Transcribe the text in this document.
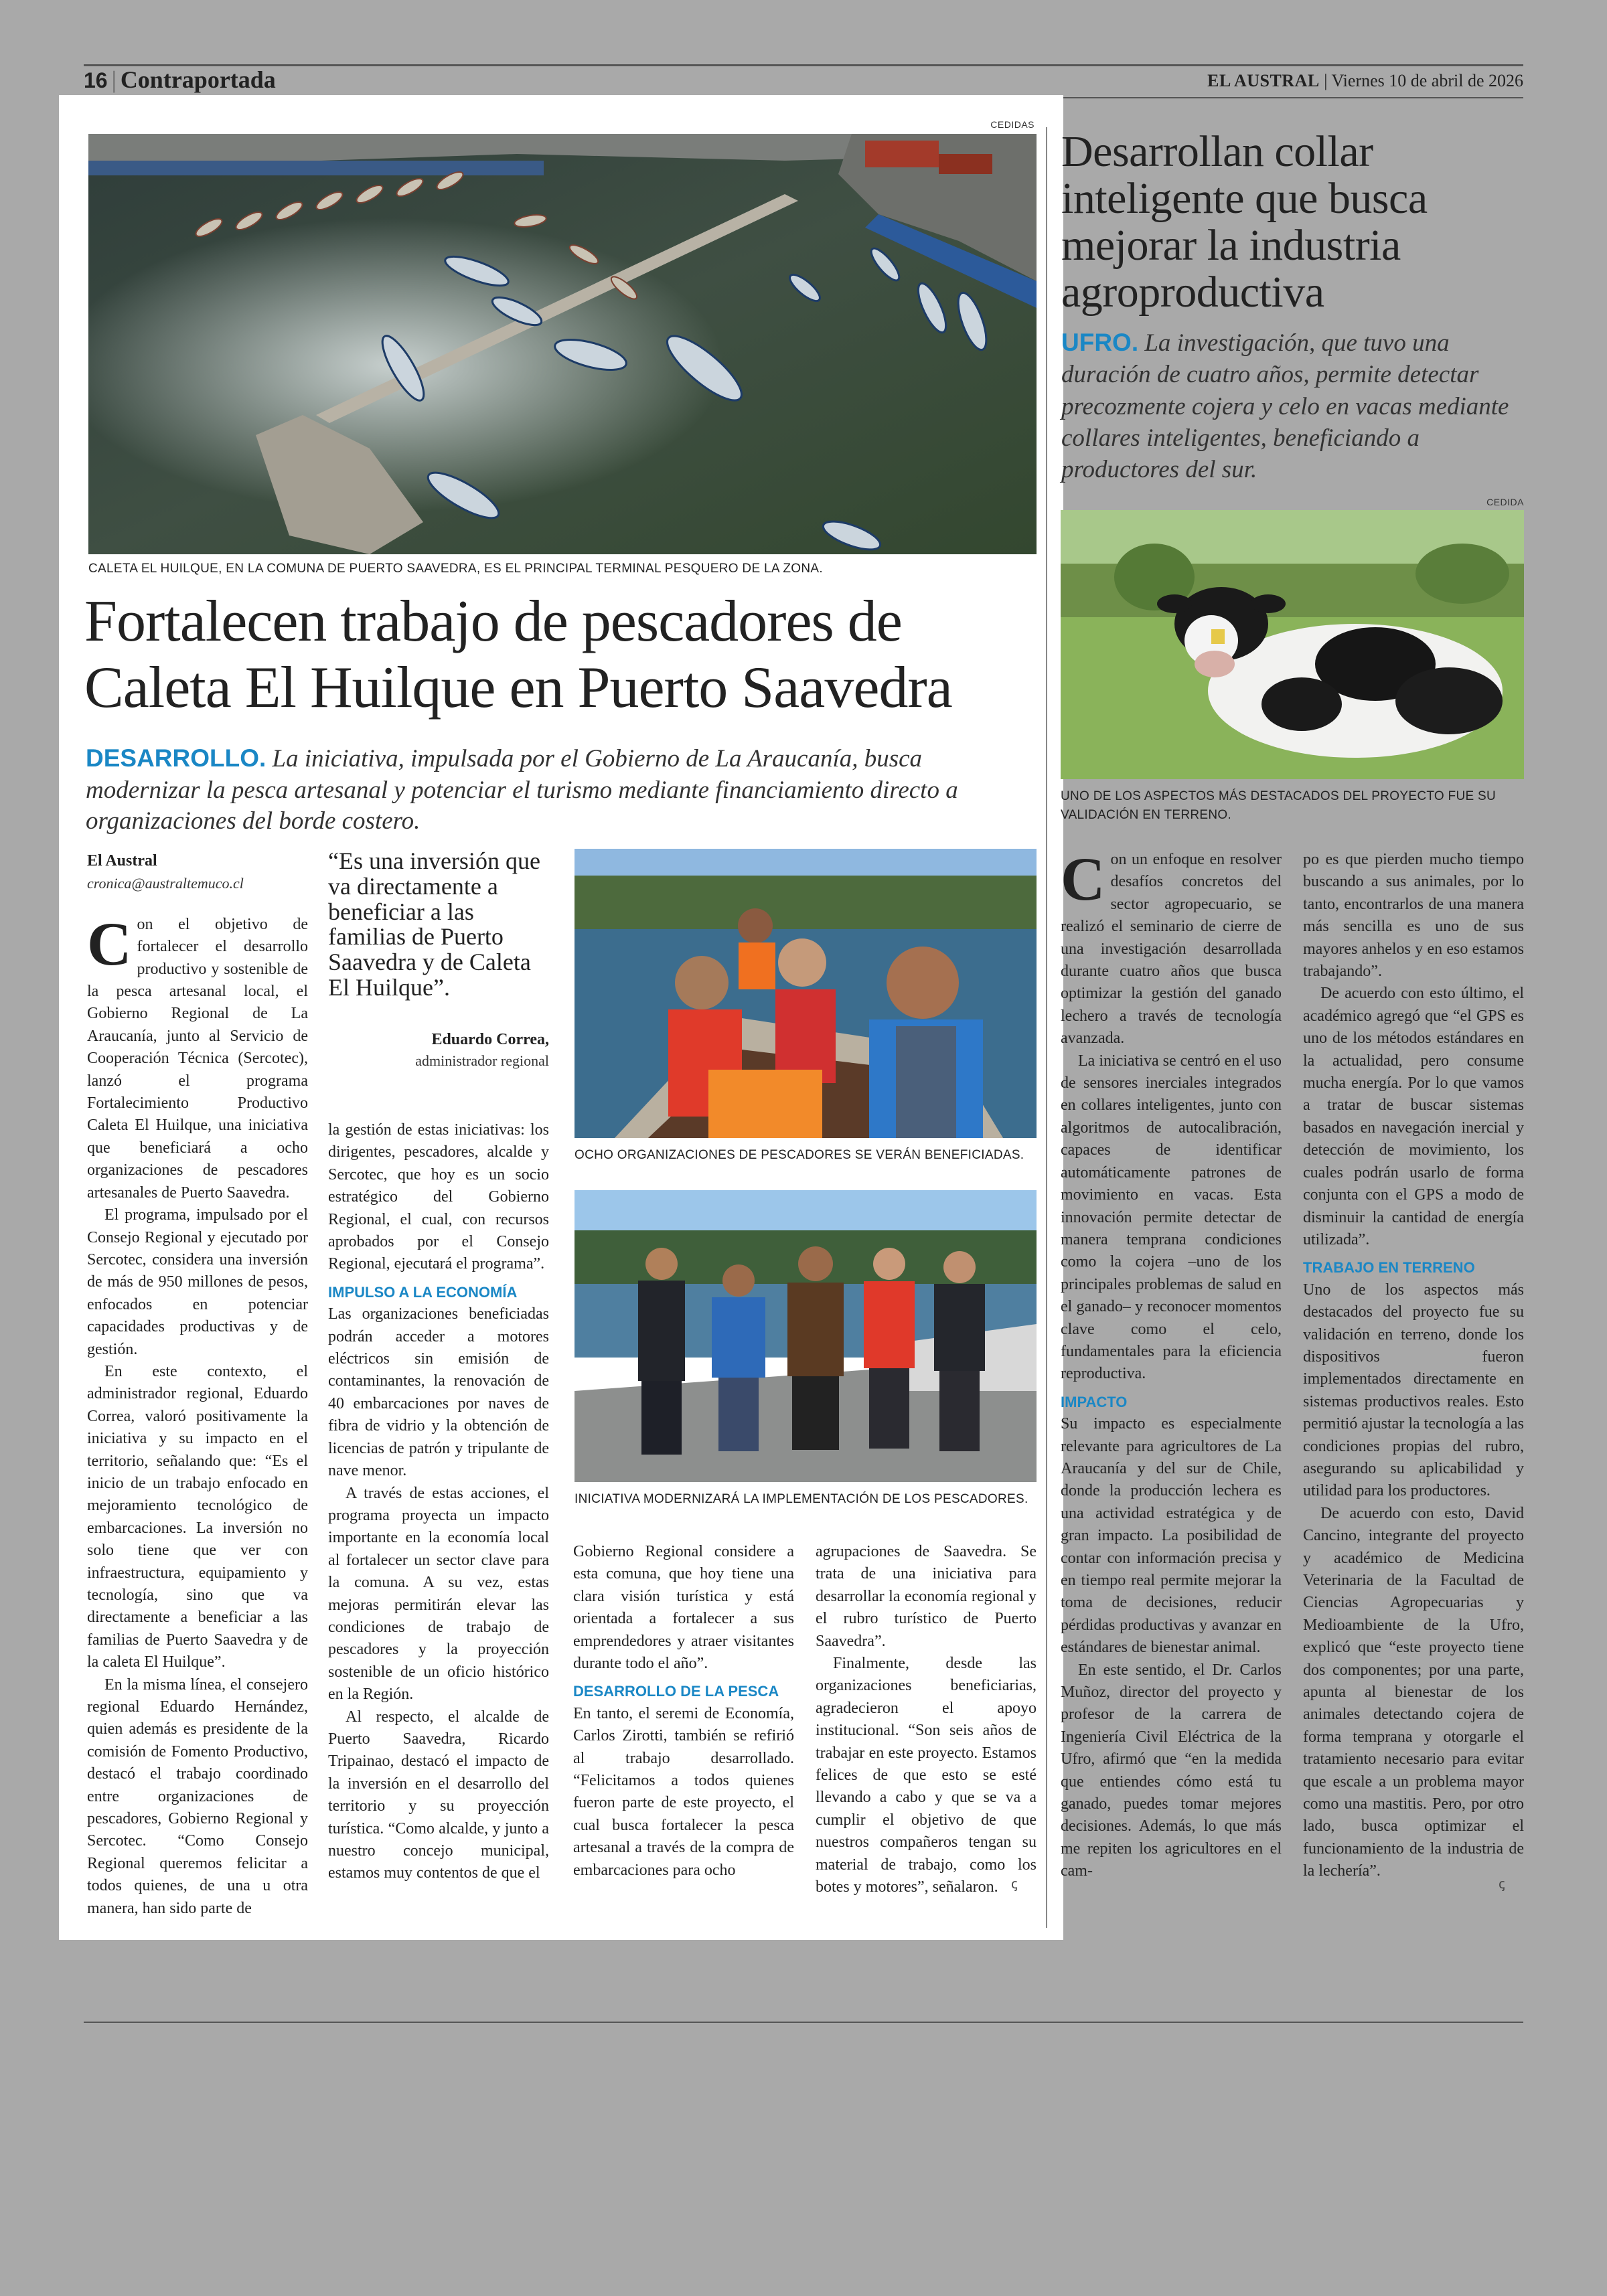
16 | Contraportada	EL AUSTRAL | Viernes 10 de abril de 2026
CEDIDAS
CALETA EL HUILQUE, EN LA COMUNA DE PUERTO SAAVEDRA, ES EL PRINCIPAL TERMINAL PESQUERO DE LA ZONA.
Fortalecen trabajo de pescadores de Caleta El Huilque en Puerto Saavedra
DESARROLLO. La iniciativa, impulsada por el Gobierno de La Araucanía, busca modernizar la pesca artesanal y potenciar el turismo mediante financiamiento directo a organizaciones del borde costero.

El Austral

cronica@australtemuco.cl

Con el objetivo de fortalecer el desarrollo productivo y sostenible de la pesca artesanal local, el Gobierno Regional de La Araucanía, junto al Servicio de Cooperación Técnica (Sercotec), lanzó el programa Fortalecimiento Productivo Caleta El Huilque, una iniciativa que beneficiará a ocho organizaciones de pescadores artesanales de Puerto Saavedra.

El programa, impulsado por el Consejo Regional y ejecutado por Sercotec, considera una inversión de más de 950 millones de pesos, enfocados en potenciar capacidades productivas y de gestión.

En este contexto, el administrador regional, Eduardo Correa, valoró positivamente la iniciativa y su impacto en el territorio, señalando que: “Es el inicio de un trabajo enfocado en mejoramiento tecnológico de embarcaciones. La inversión no solo tiene que ver con infraestructura, equipamiento y tecnología, sino que va directamente a beneficiar a las familias de Puerto Saavedra y de la caleta El Huilque”.

En la misma línea, el consejero regional Eduardo Hernández, quien además es presidente de la comisión de Fomento Productivo, destacó el trabajo coordinado entre organizaciones de pescadores, Gobierno Regional y Sercotec. “Como Consejo Regional queremos felicitar a todos quienes, de una u otra manera, han sido parte de

“Es una inversión que va directamente a beneficiar a las familias de Puerto Saavedra y de Caleta El Huilque”.
Eduardo Correa,
administrador regional

la gestión de estas iniciativas: los dirigentes, pescadores, alcalde y Sercotec, que hoy es un socio estratégico del Gobierno Regional, el cual, con recursos aprobados por el Consejo Regional, ejecutará el programa”.

IMPULSO A LA ECONOMÍA

Las organizaciones beneficiadas podrán acceder a motores eléctricos sin emisión de contaminantes, la renovación de 40 embarcaciones por naves de fibra de vidrio y la obtención de licencias de patrón y tripulante de nave menor.

A través de estas acciones, el programa proyecta un impacto importante en la economía local al fortalecer un sector clave para la comuna. A su vez, estas mejoras permitirán elevar las condiciones de trabajo de pescadores y la proyección sostenible de un oficio histórico en la Región.

Al respecto, el alcalde de Puerto Saavedra, Ricardo Tripainao, destacó el impacto de la inversión en el desarrollo del territorio y su proyección turística. “Como alcalde, y junto a nuestro concejo municipal, estamos muy contentos de que el

OCHO ORGANIZACIONES DE PESCADORES SE VERÁN BENEFICIADAS.
INICIATIVA MODERNIZARÁ LA IMPLEMENTACIÓN DE LOS PESCADORES.

Gobierno Regional considere a esta comuna, que hoy tiene una clara visión turística y está orientada a fortalecer a sus emprendedores y atraer visitantes durante todo el año”.

DESARROLLO DE LA PESCA

En tanto, el seremi de Economía, Carlos Zirotti, también se refirió al trabajo desarrollado. “Felicitamos a todos quienes fueron parte de este proyecto, el cual busca fortalecer la pesca artesanal a través de la compra de embarcaciones para ocho

agrupaciones de Saavedra. Se trata de una iniciativa para desarrollar la economía regional y el rubro turístico de Puerto Saavedra”.

Finalmente, desde las organizaciones beneficiarias, agradecieron el apoyo institucional. “Son seis años de trabajar en este proyecto. Estamos felices de que esto se esté llevando a cabo y que se va a cumplir el objetivo de que nuestros compañeros tengan su material de trabajo, como los botes y motores”, señalaron. ꞔ
Desarrollan collar inteligente que busca mejorar la industria agroproductiva
UFRO. La investigación, que tuvo una duración de cuatro años, permite detectar precozmente cojera y celo en vacas mediante collares inteligentes, beneficiando a productores del sur.
CEDIDA
UNO DE LOS ASPECTOS MÁS DESTACADOS DEL PROYECTO FUE SU VALIDACIÓN EN TERRENO.

Con un enfoque en resolver desafíos concretos del sector agropecuario, se realizó el seminario de cierre de una investigación desarrollada durante cuatro años que busca optimizar la gestión del ganado lechero a través de tecnología avanzada.

La iniciativa se centró en el uso de sensores inerciales integrados en collares inteligentes, junto con algoritmos de autocalibración, capaces de identificar automáticamente patrones de movimiento en vacas. Esta innovación permite detectar de manera temprana condiciones como la cojera –uno de los principales problemas de salud en el ganado– y reconocer momentos clave como el celo, fundamentales para la eficiencia reproductiva.

IMPACTO

Su impacto es especialmente relevante para agricultores de La Araucanía y del sur de Chile, donde la producción lechera es una actividad estratégica y de gran impacto. La posibilidad de contar con información precisa y en tiempo real permite mejorar la toma de decisiones, reducir pérdidas productivas y avanzar en estándares de bienestar animal.

En este sentido, el Dr. Carlos Muñoz, director del proyecto y profesor de la carrera de Ingeniería Civil Eléctrica de la Ufro, afirmó que “en la medida que entiendes cómo está tu ganado, puedes tomar mejores decisiones. Además, lo que más me repiten los agricultores en el cam-

po es que pierden mucho tiempo buscando a sus animales, por lo tanto, encontrarlos de una manera más sencilla es uno de sus mayores anhelos y en eso estamos trabajando”.

De acuerdo con esto último, el académico agregó que “el GPS es uno de los métodos estándares en la actualidad, pero consume mucha energía. Por lo que vamos a tratar de buscar sistemas basados en navegación inercial y detección de movimiento, los cuales podrán usarlo de forma conjunta con el GPS a modo de disminuir la cantidad de energía utilizada”.

TRABAJO EN TERRENO

Uno de los aspectos más destacados del proyecto fue su validación en terreno, donde los dispositivos fueron implementados directamente en sistemas productivos reales. Esto permitió ajustar la tecnología a las condiciones propias del rubro, asegurando su aplicabilidad y utilidad para los productores.

De acuerdo con esto, David Cancino, integrante del proyecto y académico de Medicina Veterinaria de la Facultad de Ciencias Agropecuarias y Medioambiente de la Ufro, explicó que “este proyecto tiene dos componentes; por una parte, apunta al bienestar de los animales detectando cojera de forma temprana y otorgarle el tratamiento necesario para evitar que escale a un problema mayor como una mastitis. Pero, por otro lado, busca optimizar el funcionamiento de la industria de la lechería”.

ꞔ
